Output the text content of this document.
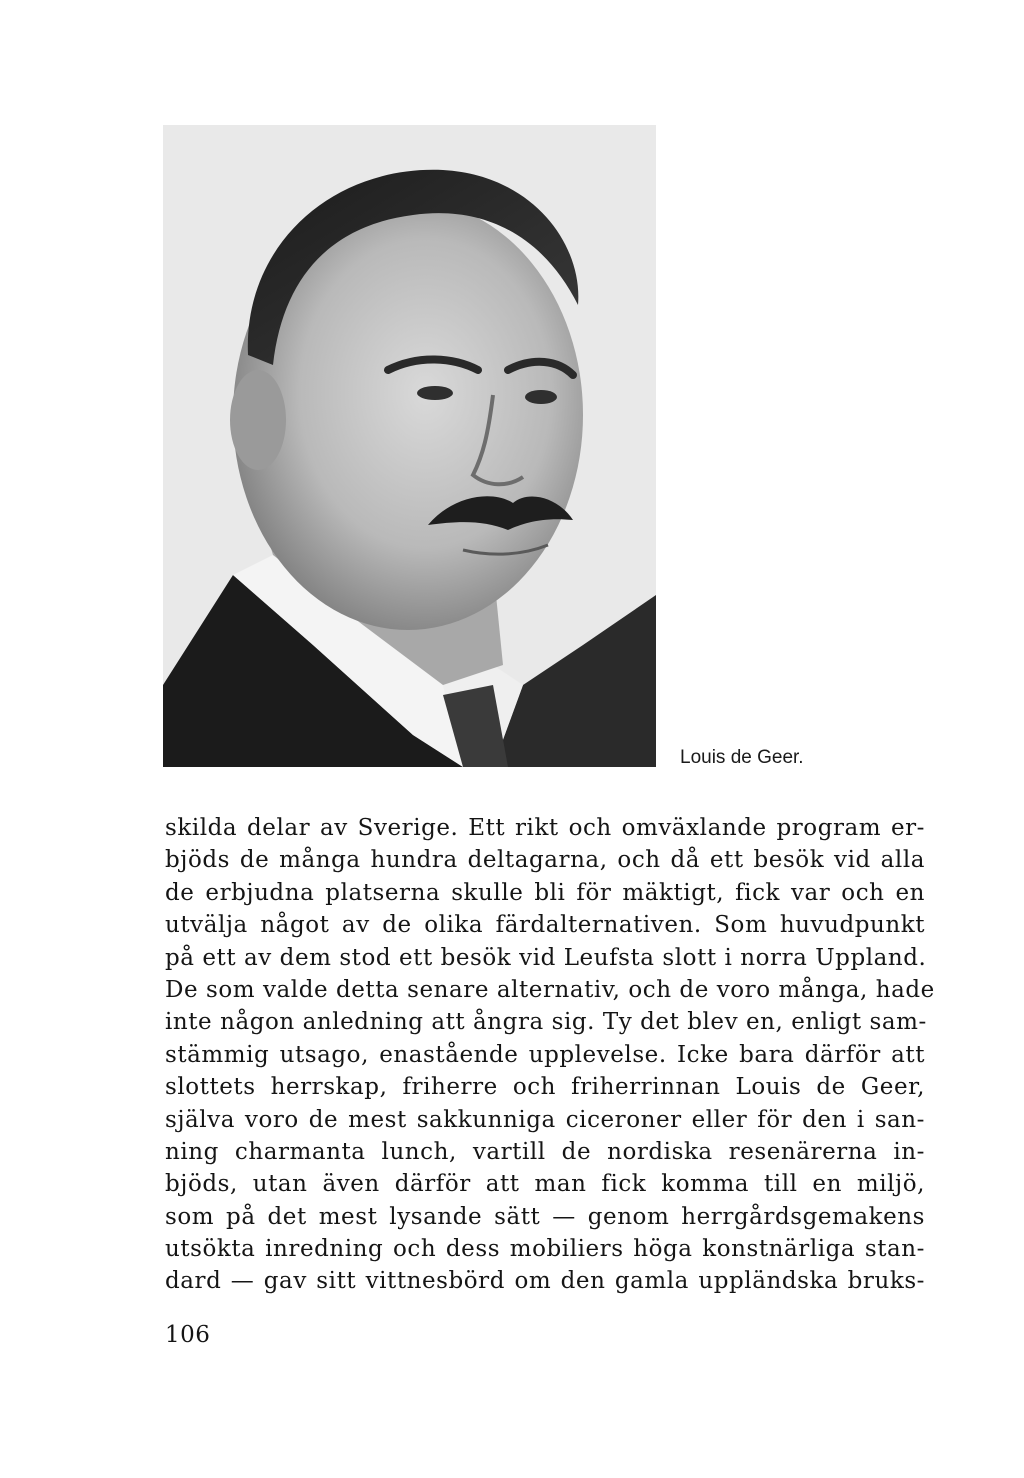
Louis de Geer.
skilda delar av Sverige. Ett rikt och omväxlande program er-
bjöds de många hundra deltagarna, och då ett besök vid alla
de erbjudna platserna skulle bli för mäktigt, fick var och en
utvälja något av de olika färdalternativen. Som huvudpunkt
på ett av dem stod ett besök vid Leufsta slott i norra Uppland.
De som valde detta senare alternativ, och de voro många, hade
inte någon anledning att ångra sig. Ty det blev en, enligt sam-
stämmig utsago, enastående upplevelse. Icke bara därför att
slottets herrskap, friherre och friherrinnan Louis de Geer,
själva voro de mest sakkunniga ciceroner eller för den i san-
ning charmanta lunch, vartill de nordiska resenärerna in-
bjöds, utan även därför att man fick komma till en miljö,
som på det mest lysande sätt — genom herrgårdsgemakens
utsökta inredning och dess mobiliers höga konstnärliga stan-
dard — gav sitt vittnesbörd om den gamla uppländska bruks-
106
